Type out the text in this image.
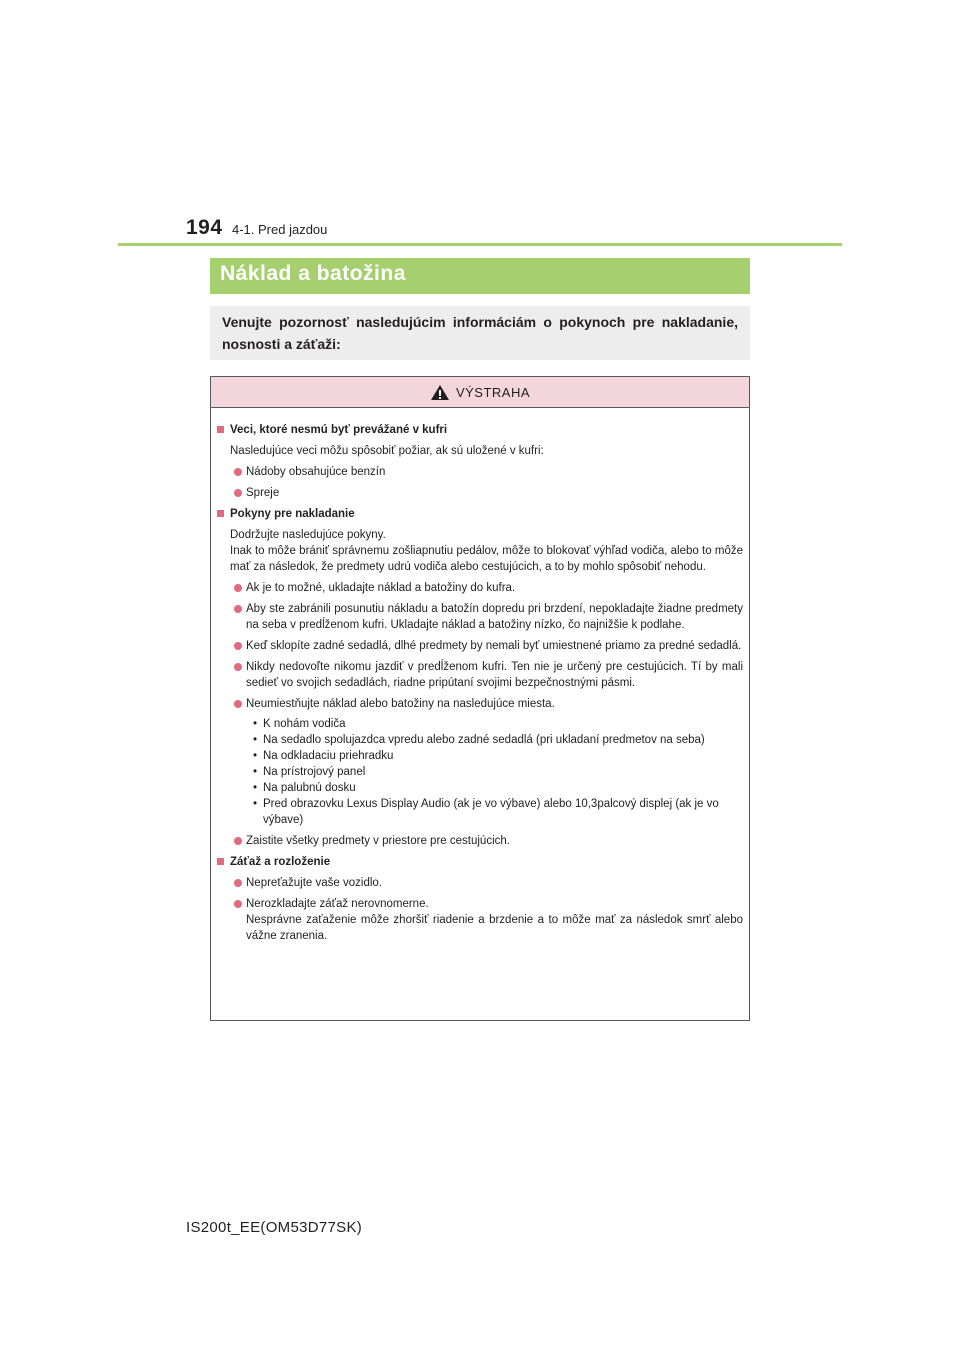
194 4-1. Pred jazdou
Náklad a batožina
Venujte pozornosť nasledujúcim informáciám o pokynoch pre nakladanie, nosnosti a záťaži:
VÝSTRAHA
Veci, ktoré nesmú byť prevážané v kufri
Nasledujúce veci môžu spôsobiť požiar, ak sú uložené v kufri:
Nádoby obsahujúce benzín
Spreje
Pokyny pre nakladanie
Dodržujte nasledujúce pokyny.
Inak to môže brániť správnemu zošliapnutiu pedálov, môže to blokovať výhľad vodiča, alebo to môže mať za následok, že predmety udrú vodiča alebo cestujúcich, a to by mohlo spôsobiť nehodu.
Ak je to možné, ukladajte náklad a batožiny do kufra.
Aby ste zabránili posunutiu nákladu a batožín dopredu pri brzdení, nepokladajte žiadne predmety na seba v predĺženom kufri. Ukladajte náklad a batožiny nízko, čo najnižšie k podlahe.
Keď sklopíte zadné sedadlá, dlhé predmety by nemali byť umiestnené priamo za predné sedadlá.
Nikdy nedovoľte nikomu jazdiť v predĺženom kufri. Ten nie je určený pre cestujúcich. Tí by mali sedieť vo svojich sedadlách, riadne pripútaní svojimi bezpečnostnými pásmi.
Neumiestňujte náklad alebo batožiny na nasledujúce miesta.
• K nohám vodiča
• Na sedadlo spolujazdca vpredu alebo zadné sedadlá (pri ukladaní predmetov na seba)
• Na odkladaciu priehradku
• Na prístrojový panel
• Na palubnú dosku
• Pred obrazovku Lexus Display Audio (ak je vo výbave) alebo 10,3palcový displej (ak je vo výbave)
Zaistite všetky predmety v priestore pre cestujúcich.
Záťaž a rozloženie
Nepreťažujte vaše vozidlo.
Nerozkladajte záťaž nerovnomerne.
Nesprávne zaťaženie môže zhoršiť riadenie a brzdenie a to môže mať za následok smrť alebo vážne zranenia.
IS200t_EE(OM53D77SK)
